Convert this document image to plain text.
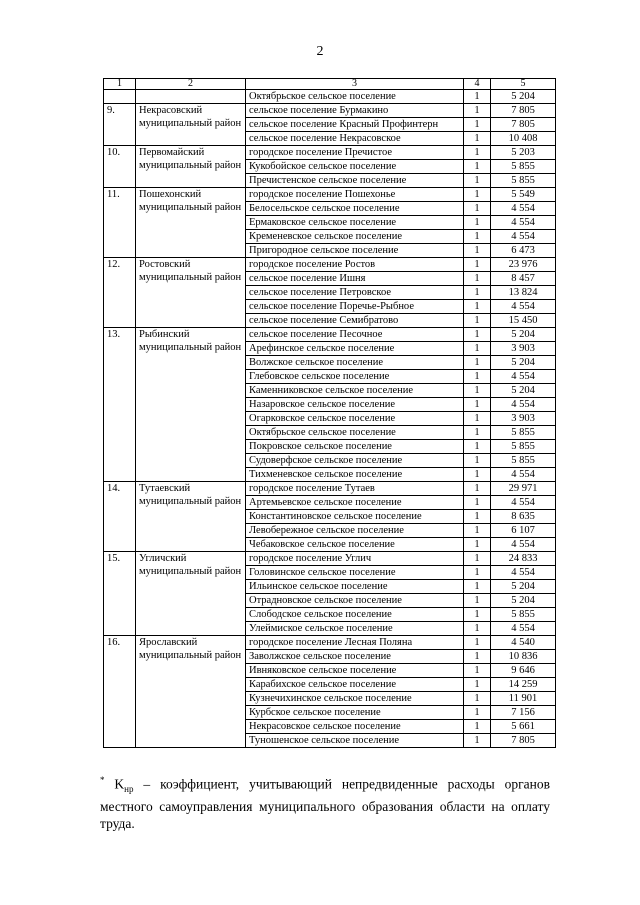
2
1	2	3	4	5
		Октябрьское сельское поселение	1	5 204
9.	Некрасовский муниципальный район	сельское поселение Бурмакино	1	7 805
		сельское поселение Красный Профинтерн	1	7 805
		сельское поселение Некрасовское	1	10 408
10.	Первомайский муниципальный район	городское поселение Пречистое	1	5 203
		Кукобойское сельское поселение	1	5 855
		Пречистенское сельское поселение	1	5 855
11.	Пошехонский муниципальный район	городское поселение Пошехонье	1	5 549
		Белосельское сельское поселение	1	4 554
		Ермаковское сельское поселение	1	4 554
		Кременевское сельское поселение	1	4 554
		Пригородное сельское поселение	1	6 473
12.	Ростовский муниципальный район	городское поселение Ростов	1	23 976
		сельское поселение Ишня	1	8 457
		сельское поселение Петровское	1	13 824
		сельское поселение Поречье-Рыбное	1	4 554
		сельское поселение Семибратово	1	15 450
13.	Рыбинский муниципальный район	сельское поселение Песочное	1	5 204
		Арефинское сельское поселение	1	3 903
		Волжское сельское поселение	1	5 204
		Глебовское сельское поселение	1	4 554
		Каменниковское сельское поселение	1	5 204
		Назаровское сельское поселение	1	4 554
		Огарковское сельское поселение	1	3 903
		Октябрьское сельское поселение	1	5 855
		Покровское сельское поселение	1	5 855
		Судоверфское сельское поселение	1	5 855
		Тихменевское сельское поселение	1	4 554
14.	Тутаевский муниципальный район	городское поселение Тутаев	1	29 971
		Артемьевское сельское поселение	1	4 554
		Константиновское сельское поселение	1	8 635
		Левобережное сельское поселение	1	6 107
		Чебаковское сельское поселение	1	4 554
15.	Угличский муниципальный район	городское поселение Углич	1	24 833
		Головинское сельское поселение	1	4 554
		Ильинское сельское поселение	1	5 204
		Отрадновское сельское поселение	1	5 204
		Слободское сельское поселение	1	5 855
		Улеймиское сельское поселение	1	4 554
16.	Ярославский муниципальный район	городское поселение Лесная Поляна	1	4 540
		Заволжское сельское поселение	1	10 836
		Ивняковское сельское поселение	1	9 646
		Карабихское сельское поселение	1	14 259
		Кузнечихинское сельское поселение	1	11 901
		Курбское сельское поселение	1	7 156
		Некрасовское сельское поселение	1	5 661
		Туношенское сельское поселение	1	7 805
* $K_{нр}$ – коэффициент, учитывающий непредвиденные расходы органов местного самоуправления муниципального образования области на оплату труда.
